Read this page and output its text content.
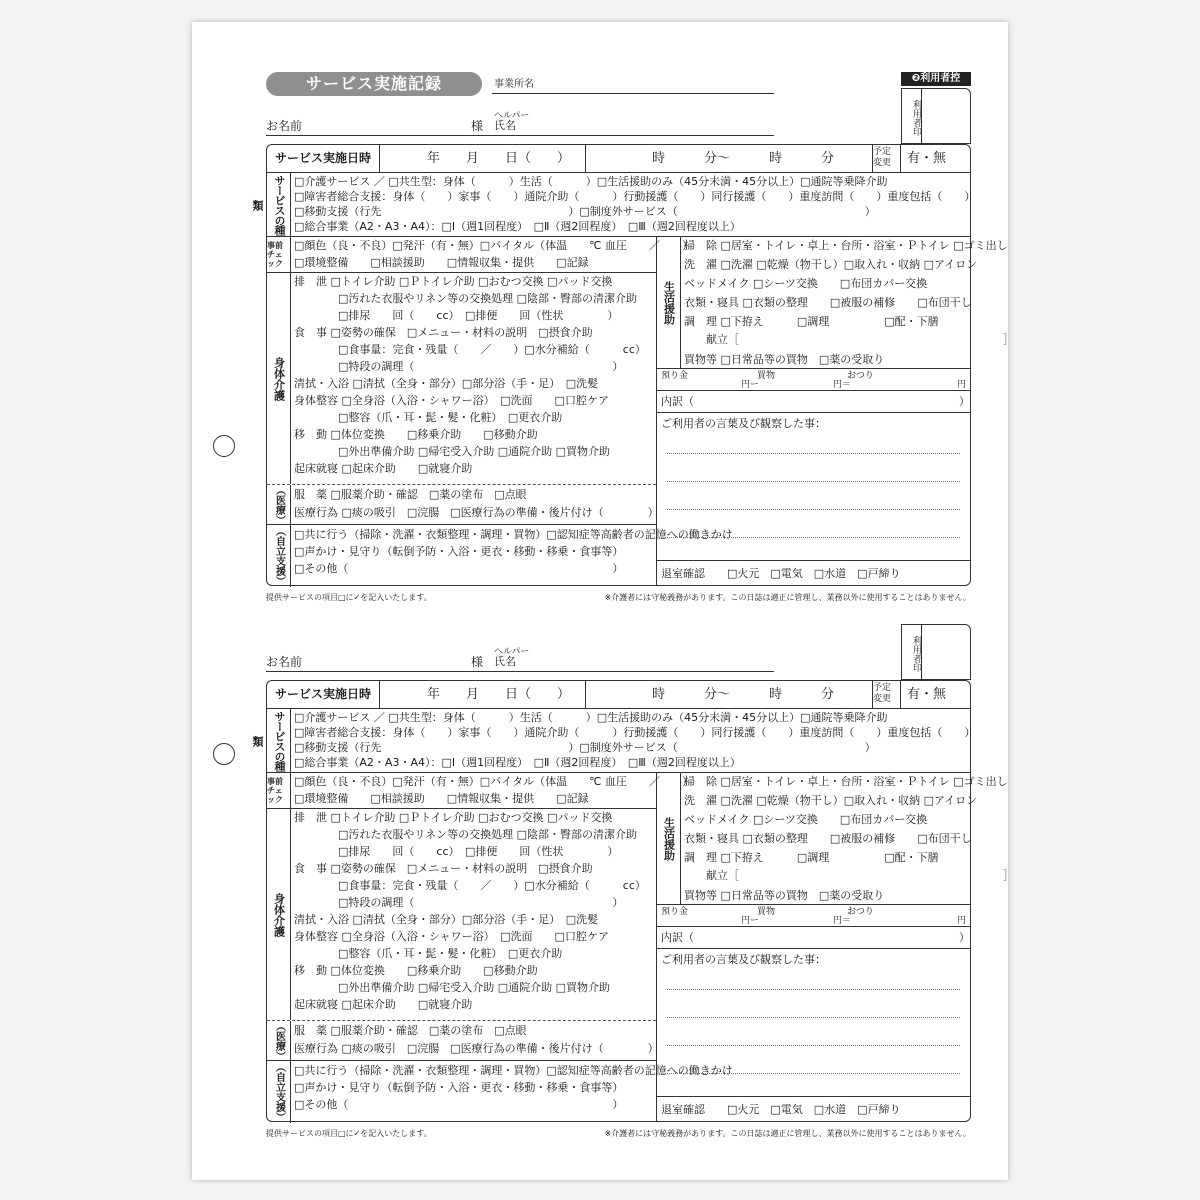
サービス実施記録	事業所名
お名前	様
ヘルパー
氏名
❷利用者控
利用者印
サービス実施日時	年　　月　　日（　　）	時　　　分〜　　　時　　　分	予定変更	有・無
サービスの種類
□介護サービス ／ □共生型：身体（　　　）生活（　　　）□生活援助のみ（45分未満・45分以上）□通院等乗降介助
□障害者総合支援：身体（　　）家事（　　）通院介助（　　　）行動援護（　　）同行援護（　　）重度訪問（　　）重度包括（　　）
□移動支援（行先　　　　　　　　　　　　　　　　　）□制度外サービス（　　　　　　　　　　　　　　　　　）
□総合事業（A2・A3・A4）：□Ⅰ（週1回程度）　□Ⅱ（週2回程度）　□Ⅲ（週2回程度以上）
事前チェック
□顔色（良・不良）□発汗（有・無）□バイタル（体温　　℃ 血圧　　／　　）
□環境整備　　□相談援助　　□情報収集・提供　　□記録
身体介護
排　泄 □トイレ介助 □Ｐトイレ介助 □おむつ交換 □パッド交換
　　　　□汚れた衣服やリネン等の交換処理 □陰部・臀部の清潔介助
　　　　□排尿　　回（　　cc）　□排便　　回（性状　　　　）
食　事 □姿勢の確保　□メニュー・材料の説明　□摂食介助
　　　　□食事量：完食・残量（　　／　　）□水分補給（　　　cc）
　　　　□特段の調理（　　　　　　　　　　　　　　　　　　）
清拭・入浴 □清拭（全身・部分）□部分浴（手・足）　□洗髪
身体整容 □全身浴（入浴・シャワー浴）　□洗面　　□口腔ケア
　　　　□整容（爪・耳・髭・髪・化粧）　□更衣介助
移　動 □体位変換　　□移乗介助　　□移動介助
　　　　□外出準備介助 □帰宅受入介助 □通院介助 □買物介助
起床就寝 □起床介助　　□就寝介助
（医療） 服　薬 □服薬介助・確認　□薬の塗布　□点眼
医療行為 □痰の吸引　□浣腸　□医療行為の準備・後片付け（　　　　）
（自立支援） □共に行う（掃除・洗濯・衣類整理・調理・買物）□認知症等高齢者の記憶への働きかけ
□声かけ・見守り（転倒予防・入浴・更衣・移動・移乗・食事等）
□その他（　　　　　　　　　　　　　　　　　　　　　　　　）
生活援助
掃　除 □居室・トイレ・卓上・台所・浴室・Ｐトイレ □ゴミ出し
洗　濯 □洗濯 □乾燥（物干し）□取入れ・収納 □アイロン
ベッドメイク □シーツ交換　　□布団カバー交換
衣類・寝具 □衣類の整理　　□被服の補修　　□布団干し
調　理 □下拵え　　　□調理　　　　　□配・下膳
　　献立［　　　　　　　　　　　　　　　　　　　　　　　　］
買物等 □日常品等の買物　□薬の受取り
預り金	買物	おつり
円ー	円＝	円
内訳（	）
ご利用者の言葉及び観察した事：
退室確認　　□火元　□電気　□水道　□戸締り
提供サービスの項目□に✓を記入いたします。	※介護者には守秘義務があります。この日誌は適正に管理し、業務以外に使用することはありません。
お名前	様
ヘルパー
氏名	利用者印
サービス実施日時	年　　月　　日（　　）	時　　　分〜　　　時　　　分	予定変更	有・無
サービスの種類
□介護サービス ／ □共生型：身体（　　　）生活（　　　）□生活援助のみ（45分未満・45分以上）□通院等乗降介助
□障害者総合支援：身体（　　）家事（　　）通院介助（　　　）行動援護（　　）同行援護（　　）重度訪問（　　）重度包括（　　）
□移動支援（行先　　　　　　　　　　　　　　　　　）□制度外サービス（　　　　　　　　　　　　　　　　　）
□総合事業（A2・A3・A4）：□Ⅰ（週1回程度）　□Ⅱ（週2回程度）　□Ⅲ（週2回程度以上）
事前チェック
□顔色（良・不良）□発汗（有・無）□バイタル（体温　　℃ 血圧　　／　　）
□環境整備　　□相談援助　　□情報収集・提供　　□記録
身体介護
排　泄 □トイレ介助 □Ｐトイレ介助 □おむつ交換 □パッド交換
　　　　□汚れた衣服やリネン等の交換処理 □陰部・臀部の清潔介助
　　　　□排尿　　回（　　cc）　□排便　　回（性状　　　　）
食　事 □姿勢の確保　□メニュー・材料の説明　□摂食介助
　　　　□食事量：完食・残量（　　／　　）□水分補給（　　　cc）
　　　　□特段の調理（　　　　　　　　　　　　　　　　　　）
清拭・入浴 □清拭（全身・部分）□部分浴（手・足）　□洗髪
身体整容 □全身浴（入浴・シャワー浴）　□洗面　　□口腔ケア
　　　　□整容（爪・耳・髭・髪・化粧）　□更衣介助
移　動 □体位変換　　□移乗介助　　□移動介助
　　　　□外出準備介助 □帰宅受入介助 □通院介助 □買物介助
起床就寝 □起床介助　　□就寝介助
（医療） 服　薬 □服薬介助・確認　□薬の塗布　□点眼
医療行為 □痰の吸引　□浣腸　□医療行為の準備・後片付け（　　　　）
（自立支援） □共に行う（掃除・洗濯・衣類整理・調理・買物）□認知症等高齢者の記憶への働きかけ
□声かけ・見守り（転倒予防・入浴・更衣・移動・移乗・食事等）
□その他（　　　　　　　　　　　　　　　　　　　　　　　　）
生活援助
掃　除 □居室・トイレ・卓上・台所・浴室・Ｐトイレ □ゴミ出し
洗　濯 □洗濯 □乾燥（物干し）□取入れ・収納 □アイロン
ベッドメイク □シーツ交換　　□布団カバー交換
衣類・寝具 □衣類の整理　　□被服の補修　　□布団干し
調　理 □下拵え　　　□調理　　　　　□配・下膳
　　献立［　　　　　　　　　　　　　　　　　　　　　　　　］
買物等 □日常品等の買物　□薬の受取り
預り金	買物	おつり
円ー	円＝	円
内訳（	）
ご利用者の言葉及び観察した事：
退室確認　　□火元　□電気　□水道　□戸締り
提供サービスの項目□に✓を記入いたします。	※介護者には守秘義務があります。この日誌は適正に管理し、業務以外に使用することはありません。
